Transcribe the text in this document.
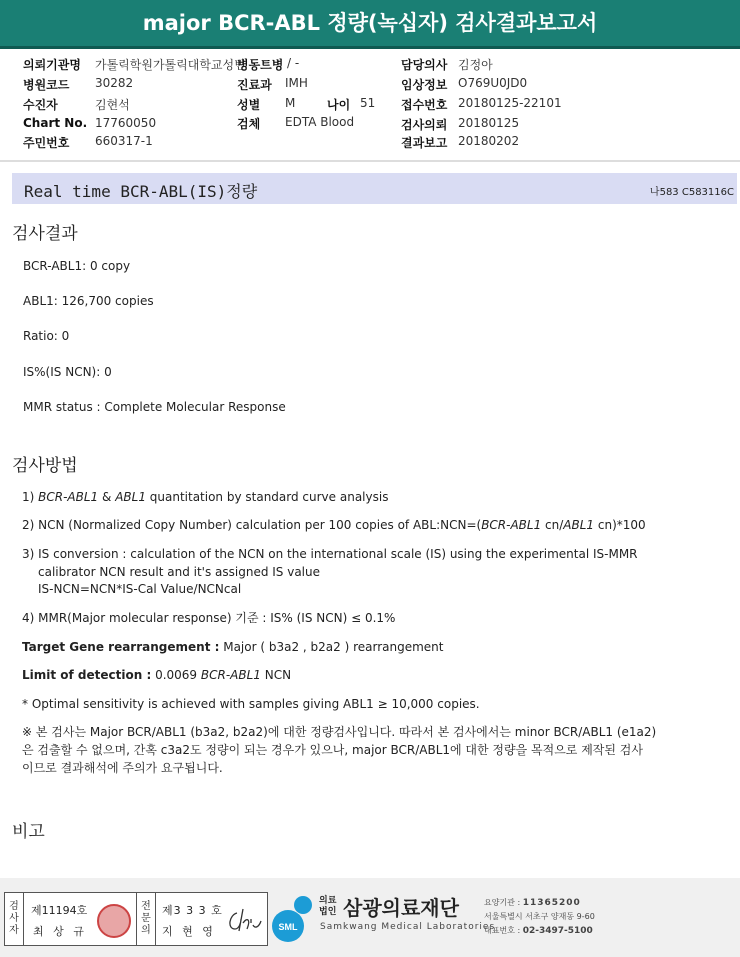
major BCR-ABL 정량(녹십자) 검사결과보고서
의뢰기관명 가톨릭학원가톨릭대학교성빈
병동트병 / -	담당의사 김정아
병원코드 30282	진료과 IMH	임상정보 O769U0JD0
수진자	김현석	성별 M	나이 51 접수번호 20180125-22101
Chart No. 17760050	검체 EDTA Blood	검사의뢰 20180125
주민번호 660317-1	결과보고 20180202
Real time BCR-ABL(IS)정량	나583 C583116C
검사결과
BCR-ABL1: 0 copy
ABL1: 126,700 copies
Ratio: 0
IS%(IS NCN): 0
MMR status : Complete Molecular Response
검사방법
1) BCR-ABL1 & ABL1 quantitation by standard curve analysis
2) NCN (Normalized Copy Number) calculation per 100 copies of ABL:NCN=(BCR-ABL1 cn/ABL1 cn)*100
3) IS conversion : calculation of the NCN on the international scale (IS) using the experimental IS-MMR
calibrator NCN result and it's assigned IS value
IS-NCN=NCN*IS-Cal Value/NCNcal
4) MMR(Major molecular response) 기준 : IS% (IS NCN) ≤ 0.1%
Target Gene rearrangement : Major ( b3a2 , b2a2 ) rearrangement
Limit of detection : 0.0069 BCR-ABL1 NCN
* Optimal sensitivity is achieved with samples giving ABL1 ≥ 10,000 copies.
※ 본 검사는 Major BCR/ABL1 (b3a2, b2a2)에 대한 정량검사입니다. 따라서 본 검사에서는 minor BCR/ABL1 (e1a2)
은 검출할 수 없으며, 간혹 c3a2도 정량이 되는 경우가 있으나, major BCR/ABL1에 대한 정량을 목적으로 제작된 검사
이므로 결과해석에 주의가 요구됩니다.
비고
검
사
자
제11194호
최 상 규
전
문
의
제3 3 3 호
지 현 영	SML
의료
법인 삼광의료재단
Samkwang Medical Laboratories
요양기관 : 11365200
서울특별시 서초구 양재동 9-60
대표번호 : 02-3497-5100
